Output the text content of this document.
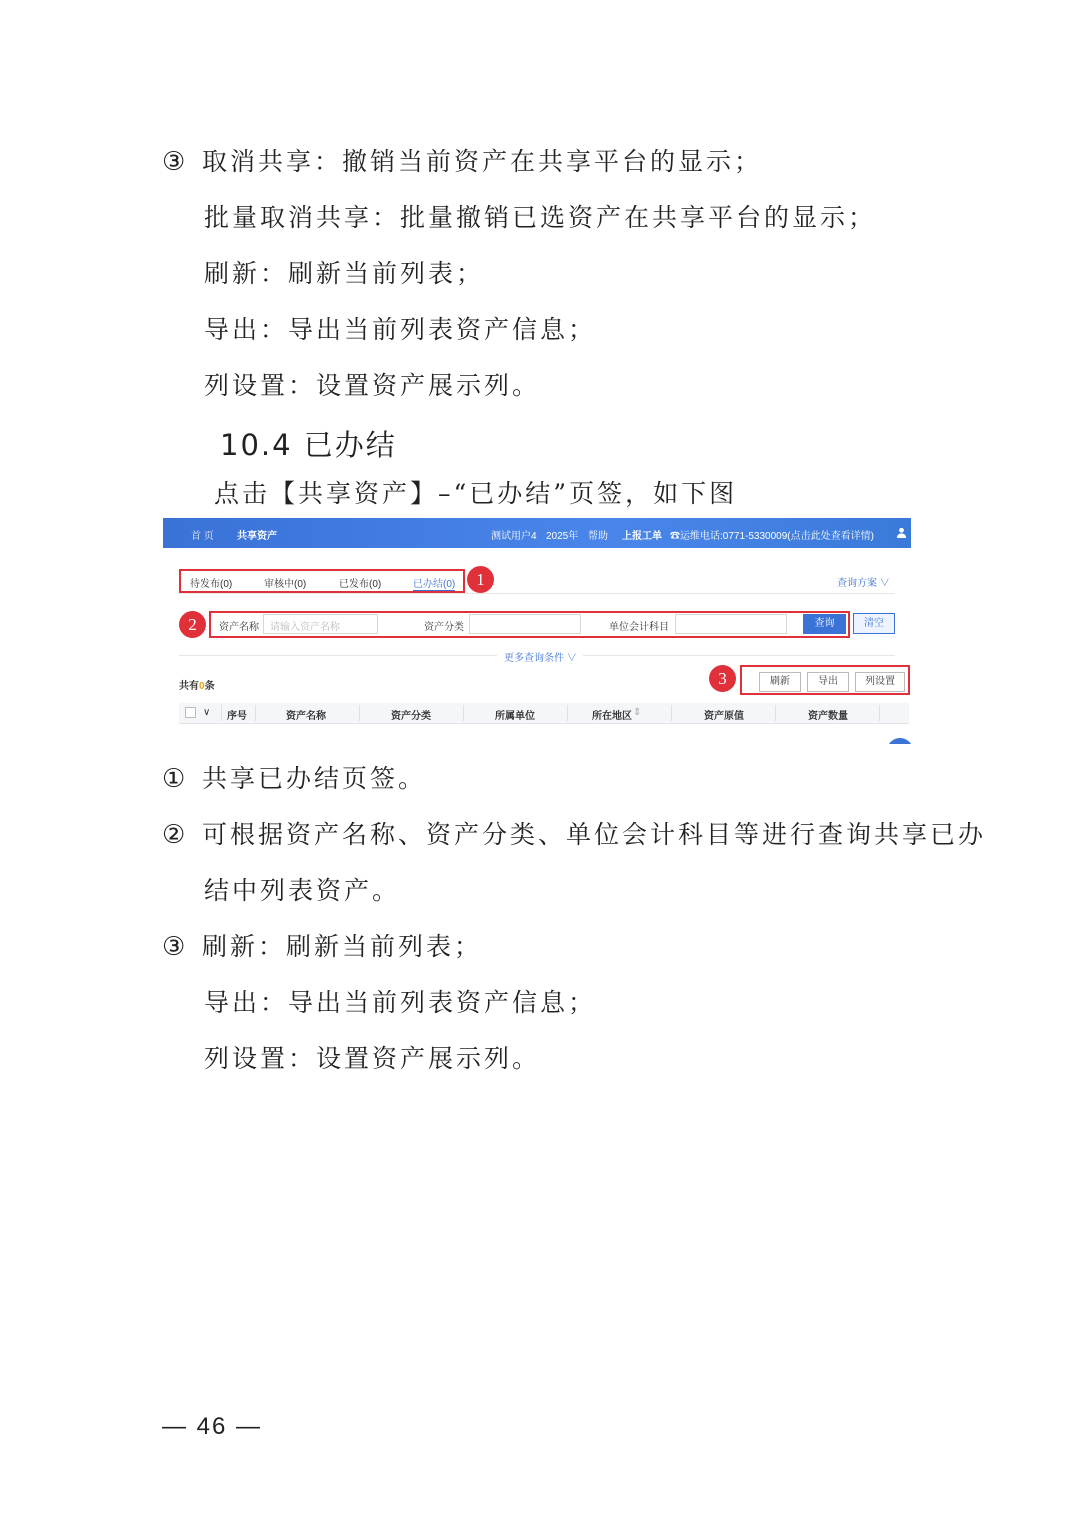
③ 取消共享：撤销当前资产在共享平台的显示；
批量取消共享：批量撤销已选资产在共享平台的显示；
刷新：刷新当前列表；
导出：导出当前列表资产信息；
列设置：设置资产展示列。
10.4 已办结
点击【共享资产】–“已办结”页签，如下图
首 页 共享资产	测试用户4 2025年 帮助 上报工单 ☎运维电话:0771-5330009(点击此处查看详情)
待发布(0)	审核中(0)	已发布(0)	已办结(0)	1	查询方案 ∨
2	资产名称 请输入资产名称	资产分类	单位会计科目	查询	清空
更多查询条件 ∨
共有0条	3	刷新	导出	列设置
∨ 序号	资产名称	资产分类	所属单位	所在地区 ⇕	资产原值	资产数量
① 共享已办结页签。
② 可根据资产名称、资产分类、单位会计科目等进行查询共享已办
结中列表资产。
③ 刷新：刷新当前列表；
导出：导出当前列表资产信息；
列设置：设置资产展示列。
— 46 —
